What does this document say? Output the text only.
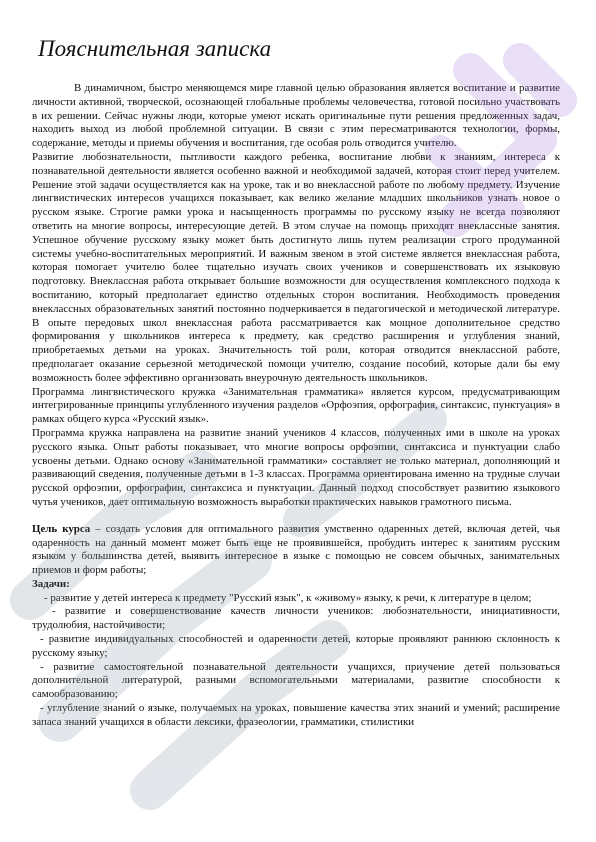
Пояснительная записка

В динамичном, быстро меняющемся мире главной целью образования является воспитание и развитие личности активной, творческой, осознающей глобальные проблемы человечества, готовой посильно участвовать в их решении. Сейчас нужны люди, которые умеют искать оригинальные пути решения предложенных задач, находить выход из любой проблемной ситуации. В связи с этим пересматриваются технологии, формы, содержание, методы и приемы обучения и воспитания, где особая роль отводится учителю.

Развитие любознательности, пытливости каждого ребенка, воспитание любви к знаниям, интереса к познавательной деятельности является особенно важной и необходимой задачей, которая стоит перед учителем. Решение этой задачи осуществляется как на уроке, так и во внеклассной работе по любому предмету. Изучение лингвистических интересов учащихся показывает, как велико желание младших школьников узнать новое о русском языке. Строгие рамки урока и насыщенность программы по русскому языку не всегда позволяют ответить на многие вопросы, интересующие детей. В этом случае на помощь приходят внеклассные занятия. Успешное обучение русскому языку может быть достигнуто лишь путем реализации строго продуманной системы учебно-воспитательных мероприятий. И важным звеном в этой системе является внеклассная работа, которая помогает учителю более тщательно изучать своих учеников и совершенствовать их языковую подготовку. Внеклассная работа открывает большие возможности для осуществления комплексного подхода к воспитанию, который предполагает единство отдельных сторон воспитания. Необходимость проведения внеклассных образовательных занятий постоянно подчеркивается в педагогической и методической литературе. В опыте передовых школ внеклассная работа рассматривается как мощное дополнительное средство формирования у школьников интереса к предмету, как средство расширения и углубления знаний, приобретаемых детьми на уроках. Значительность той роли, которая отводится внеклассной работе, предполагает оказание серьезной методической помощи учителю, создание пособий, которые дали бы ему возможность более эффективно организовать внеурочную деятельность школьников.

Программа лингвистического кружка «Занимательная грамматика» является курсом, предусматривающим интегрированные принципы углубленного изучения разделов «Орфоэпия, орфография, синтаксис, пунктуация» в рамках общего курса «Русский язык».

Программа кружка направлена на развитие знаний учеников 4 классов, полученных ими в школе на уроках русского языка. Опыт работы показывает, что многие вопросы орфоэпии, синтаксиса и пунктуации слабо усвоены детьми. Однако основу «Занимательной грамматики» составляет не только материал, дополняющий и развивающий сведения, полученные детьми в 1-3 классах. Программа ориентирована именно на трудные случаи русской орфоэпии, орфографии, синтаксиса и пунктуации. Данный подход способствует развитию языкового чутья учеников, дает оптимальную возможность выработки практических навыков грамотного письма.

Цель курса – создать условия для оптимального развития умственно одаренных детей, включая детей, чья одаренность на данный момент может быть еще не проявившейся, пробудить интерес к занятиям русским языком у большинства детей, выявить интересное в языке с помощью не совсем обычных, занимательных приемов и форм работы;

Задачи:

- развитие у детей интереса к предмету "Русский язык", к «живому» языку, к речи, к литературе в целом;

- развитие и совершенствование качеств личности учеников: любознательности, инициативности, трудолюбия, настойчивости;

- развитие индивидуальных способностей и одаренности детей, которые проявляют раннюю склонность к русскому языку;

- развитие самостоятельной познавательной деятельности учащихся, приучение детей пользоваться дополнительной литературой, разными вспомогательными материалами, развитие способности к самообразованию;

- углубление знаний о языке, получаемых на уроках, повышение качества этих знаний и умений; расширение запаса знаний учащихся в области лексики, фразеологии, грамматики, стилистики
